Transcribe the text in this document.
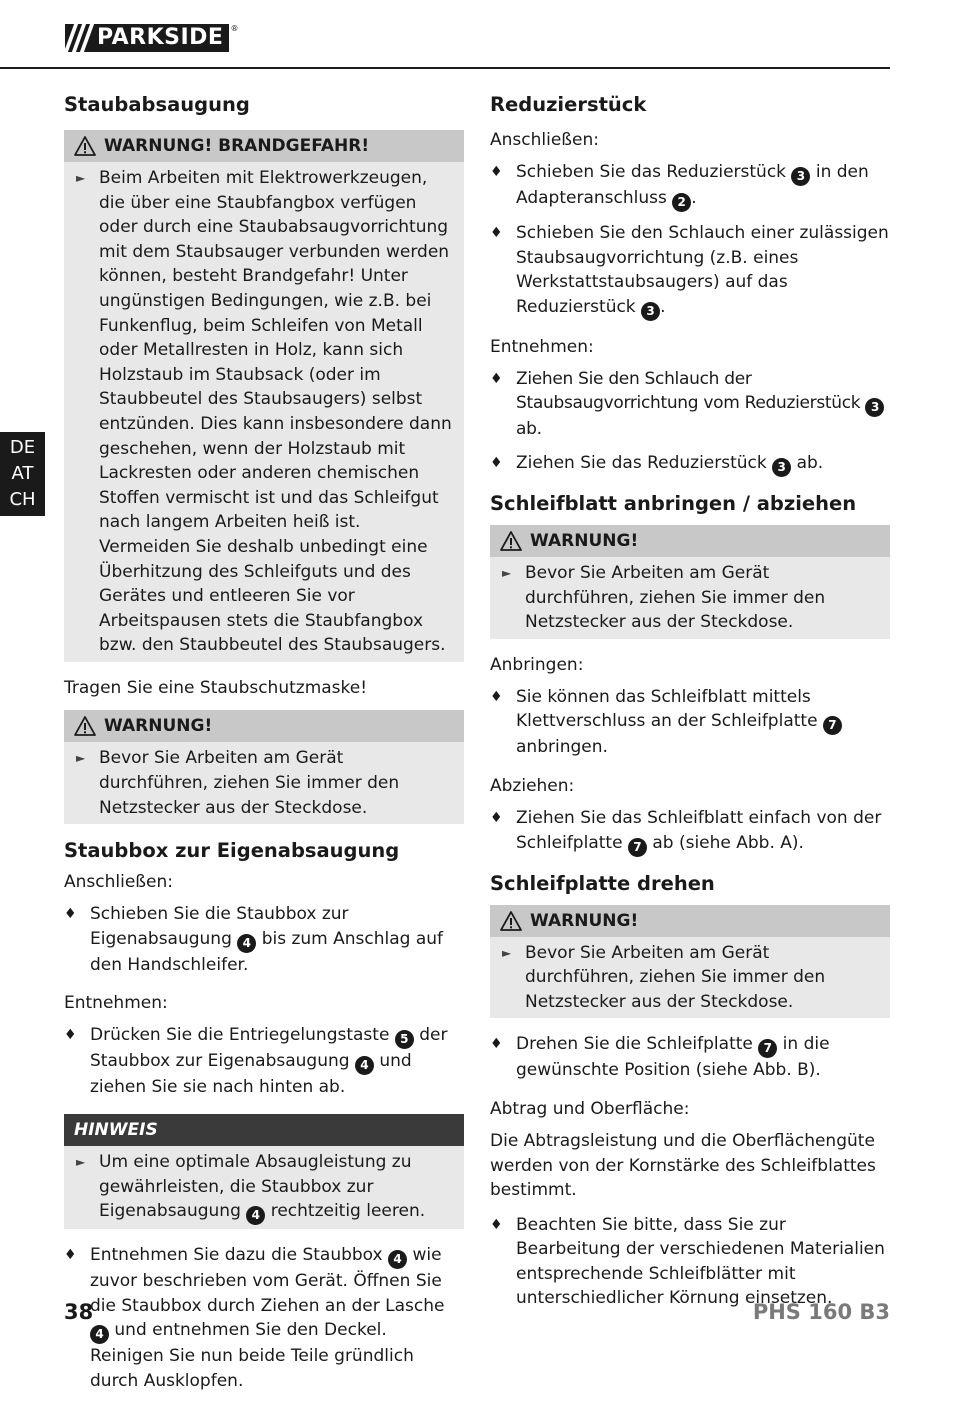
PARKSIDE ®
DE
AT
CH
Staubabsaugung
WARNUNG! BRANDGEFAHR!
► Beim Arbeiten mit Elektrowerkzeugen, die über eine Staubfangbox verfügen oder durch eine Staubabsaugvorrichtung mit dem Staubsauger verbunden werden können, besteht Brandgefahr! Unter ungünstigen Bedingungen, wie z.B. bei Funkenflug, beim Schleifen von Metall oder Metallresten in Holz, kann sich Holzstaub im Staubsack (oder im Staubbeutel des Staubsaugers) selbst entzünden. Dies kann insbesondere dann geschehen, wenn der Holzstaub mit Lackresten oder anderen chemischen Stoffen vermischt ist und das Schleifgut nach langem Arbeiten heiß ist. Vermeiden Sie deshalb unbedingt eine Überhitzung des Schleifguts und des Gerätes und entleeren Sie vor Arbeitspausen stets die Staubfangbox bzw. den Staubbeutel des Staubsaugers.

Tragen Sie eine Staubschutzmaske!

WARNUNG!
► Bevor Sie Arbeiten am Gerät durchführen, ziehen Sie immer den Netzstecker aus der Steckdose.
Staubbox zur Eigenabsaugung
Anschließen:
♦ Schieben Sie die Staubbox zur Eigenabsaugung 4 bis zum Anschlag auf den Handschleifer.
Entnehmen:
♦ Drücken Sie die Entriegelungstaste 5 der Staubbox zur Eigenabsaugung 4 und ziehen Sie sie nach hinten ab.
HINWEIS
► Um eine optimale Absaugleistung zu gewährleisten, die Staubbox zur Eigenabsaugung 4 rechtzeitig leeren.
♦ Entnehmen Sie dazu die Staubbox 4 wie zuvor beschrieben vom Gerät. Öffnen Sie die Staubbox durch Ziehen an der Lasche 4 und entnehmen Sie den Deckel. Reinigen Sie nun beide Teile gründlich durch Ausklopfen.
Reduzierstück
Anschließen:
♦ Schieben Sie das Reduzierstück 3 in den Adapteranschluss 2 .
♦ Schieben Sie den Schlauch einer zulässigen Staubsaugvorrichtung (z.B. eines Werkstattstaubsaugers) auf das Reduzierstück 3 .
Entnehmen:
♦ Ziehen Sie den Schlauch der Staubsaugvorrichtung vom Reduzierstück 3 ab.
♦ Ziehen Sie das Reduzierstück 3 ab.
Schleifblatt anbringen / abziehen
WARNUNG!
► Bevor Sie Arbeiten am Gerät durchführen, ziehen Sie immer den Netzstecker aus der Steckdose.
Anbringen:
♦ Sie können das Schleifblatt mittels Klettverschluss an der Schleifplatte 7 anbringen.
Abziehen:
♦ Ziehen Sie das Schleifblatt einfach von der Schleifplatte 7 ab (siehe Abb. A).
Schleifplatte drehen
WARNUNG!
► Bevor Sie Arbeiten am Gerät durchführen, ziehen Sie immer den Netzstecker aus der Steckdose.
♦ Drehen Sie die Schleifplatte 7 in die gewünschte Position (siehe Abb. B).
Abtrag und Oberfläche:

Die Abtragsleistung und die Oberflächengüte werden von der Kornstärke des Schleifblattes bestimmt.

♦ Beachten Sie bitte, dass Sie zur Bearbeitung der verschiedenen Materialien entsprechende Schleifblätter mit unterschiedlicher Körnung einsetzen.
38	PHS 160 B3
